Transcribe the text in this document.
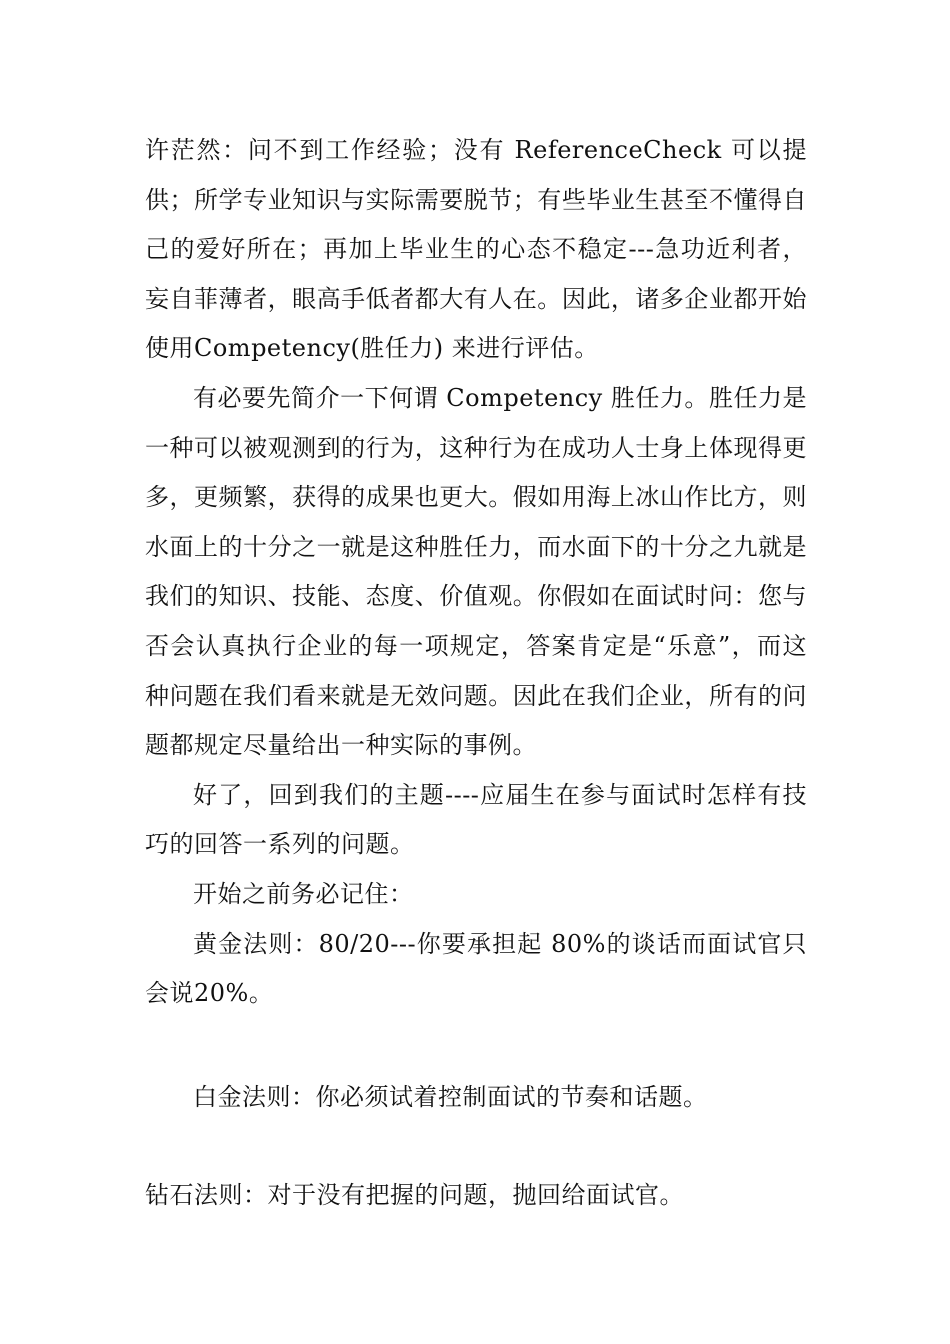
许茫然：问不到工作经验；没有 ReferenceCheck 可以提供；所学专业知识与实际需要脱节；有些毕业生甚至不懂得自己的爱好所在；再加上毕业生的心态不稳定---急功近利者，妄自菲薄者，眼高手低者都大有人在。因此，诸多企业都开始使用Competency(胜任力) 来进行评估。

有必要先简介一下何谓 Competency 胜任力。胜任力是一种可以被观测到的行为，这种行为在成功人士身上体现得更多，更频繁，获得的成果也更大。假如用海上冰山作比方，则水面上的十分之一就是这种胜任力，而水面下的十分之九就是我们的知识、技能、态度、价值观。你假如在面试时问：您与否会认真执行企业的每一项规定，答案肯定是“乐意”，而这种问题在我们看来就是无效问题。因此在我们企业，所有的问题都规定尽量给出一种实际的事例。

好了，回到我们的主题----应届生在参与面试时怎样有技巧的回答一系列的问题。

开始之前务必记住：

黄金法则：80/20---你要承担起 80%的谈话而面试官只会说20%。

白金法则：你必须试着控制面试的节奏和话题。

钻石法则：对于没有把握的问题，抛回给面试官。
